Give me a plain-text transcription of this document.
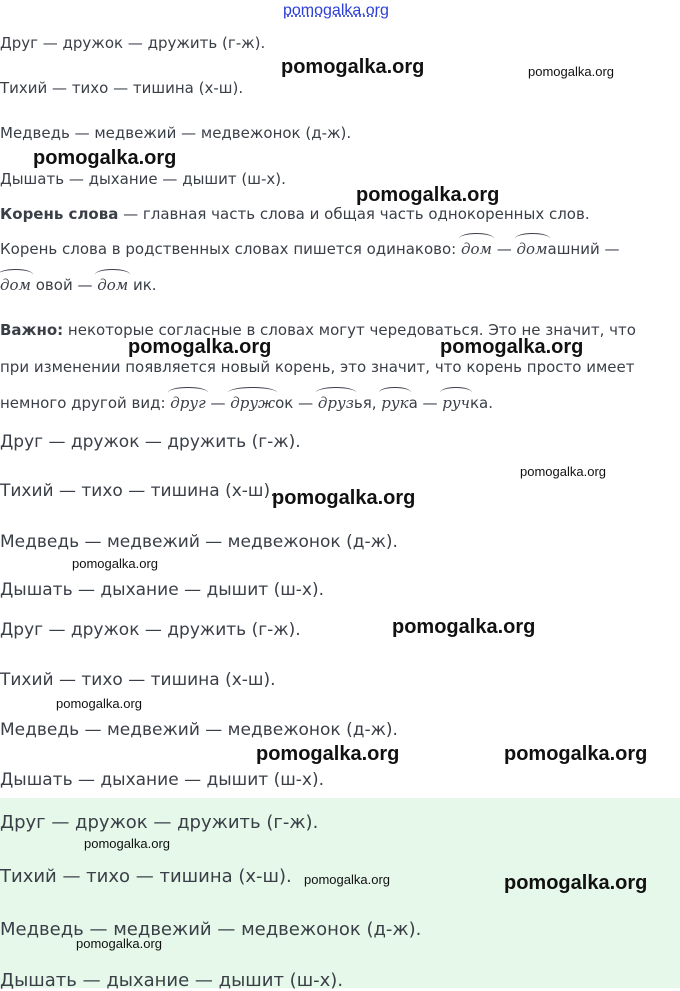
pomogalka.org
pomogalka.org	pomogalka.org
pomogalka.org
pomogalka.org
pomogalka.org	pomogalka.org
pomogalka.org
pomogalka.org
pomogalka.org
pomogalka.org
pomogalka.org
pomogalka.org	pomogalka.org
Друг — дружок — дружить (г-ж).
Тихий — тихо — тишина (х-ш).
Медведь — медвежий — медвежонок (д-ж).
Дышать — дыхание — дышит (ш-х).
Корень слова — главная часть слова и общая часть однокоренных слов.
Корень слова в родственных словах пишется одинаково: дом — домашний —
дом овой — дом ик.
Важно: некоторые согласные в словах могут чередоваться. Это не значит, что
при изменении появляется новый корень, это значит, что корень просто имеет
немного другой вид: друг — дружок — друзья, рука — ручка.
Друг — дружок — дружить (г-ж).
Тихий — тихо — тишина (х-ш).
Медведь — медвежий — медвежонок (д-ж).
Дышать — дыхание — дышит (ш-х).
Друг — дружок — дружить (г-ж).
Тихий — тихо — тишина (х-ш).
Медведь — медвежий — медвежонок (д-ж).
Дышать — дыхание — дышит (ш-х).
Друг — дружок — дружить (г-ж).
Тихий — тихо — тишина (х-ш).
Медведь — медвежий — медвежонок (д-ж).
Дышать — дыхание — дышит (ш-х).
pomogalka.org
pomogalka.org	pomogalka.org
pomogalka.org
